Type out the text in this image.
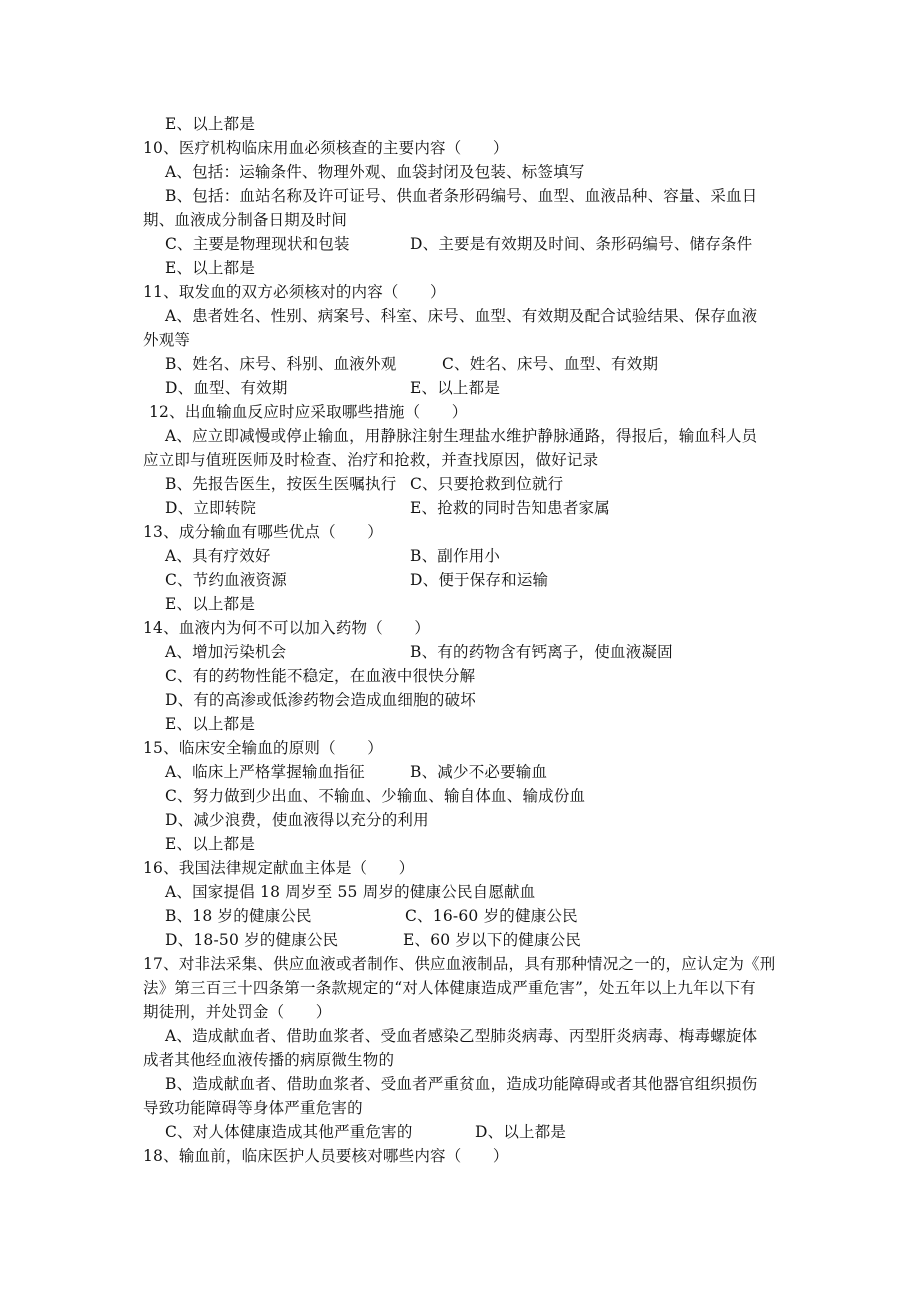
E、以上都是
10、医疗机构临床用血必须核查的主要内容（　　）
A、包括：运输条件、物理外观、血袋封闭及包装、标签填写
B、包括：血站名称及许可证号、供血者条形码编号、血型、血液品种、容量、采血日
期、血液成分制备日期及时间
C、主要是物理现状和包装	D、主要是有效期及时间、条形码编号、储存条件
E、以上都是
11、取发血的双方必须核对的内容（　　）
A、患者姓名、性别、病案号、科室、床号、血型、有效期及配合试验结果、保存血液
外观等
B、姓名、床号、科别、血液外观	C、姓名、床号、血型、有效期
D、血型、有效期	E、以上都是
12、出血输血反应时应采取哪些措施（　　）
A、应立即减慢或停止输血，用静脉注射生理盐水维护静脉通路，得报后，输血科人员
应立即与值班医师及时检查、治疗和抢救，并查找原因，做好记录
B、先报告医生，按医生医嘱执行 C、只要抢救到位就行
D、立即转院	E、抢救的同时告知患者家属
13、成分输血有哪些优点（　　）
A、具有疗效好	B、副作用小
C、节约血液资源	D、便于保存和运输
E、以上都是
14、血液内为何不可以加入药物（　　）
A、增加污染机会	B、有的药物含有钙离子，使血液凝固
C、有的药物性能不稳定，在血液中很快分解
D、有的高渗或低渗药物会造成血细胞的破坏
E、以上都是
15、临床安全输血的原则（　　）
A、临床上严格掌握输血指征	B、减少不必要输血
C、努力做到少出血、不输血、少输血、输自体血、输成份血
D、减少浪费，使血液得以充分的利用
E、以上都是
16、我国法律规定献血主体是（　　）
A、国家提倡 18 周岁至 55 周岁的健康公民自愿献血
B、18 岁的健康公民	C、16-60 岁的健康公民
D、18-50 岁的健康公民	E、60 岁以下的健康公民
17、对非法采集、供应血液或者制作、供应血液制品，具有那种情况之一的，应认定为《刑
法》第三百三十四条第一条款规定的“对人体健康造成严重危害”，处五年以上九年以下有
期徒刑，并处罚金（　　）
A、造成献血者、借助血浆者、受血者感染乙型肺炎病毒、丙型肝炎病毒、梅毒螺旋体
成者其他经血液传播的病原微生物的
B、造成献血者、借助血浆者、受血者严重贫血，造成功能障碍或者其他器官组织损伤
导致功能障碍等身体严重危害的
C、对人体健康造成其他严重危害的	D、以上都是
18、输血前，临床医护人员要核对哪些内容（　　）
